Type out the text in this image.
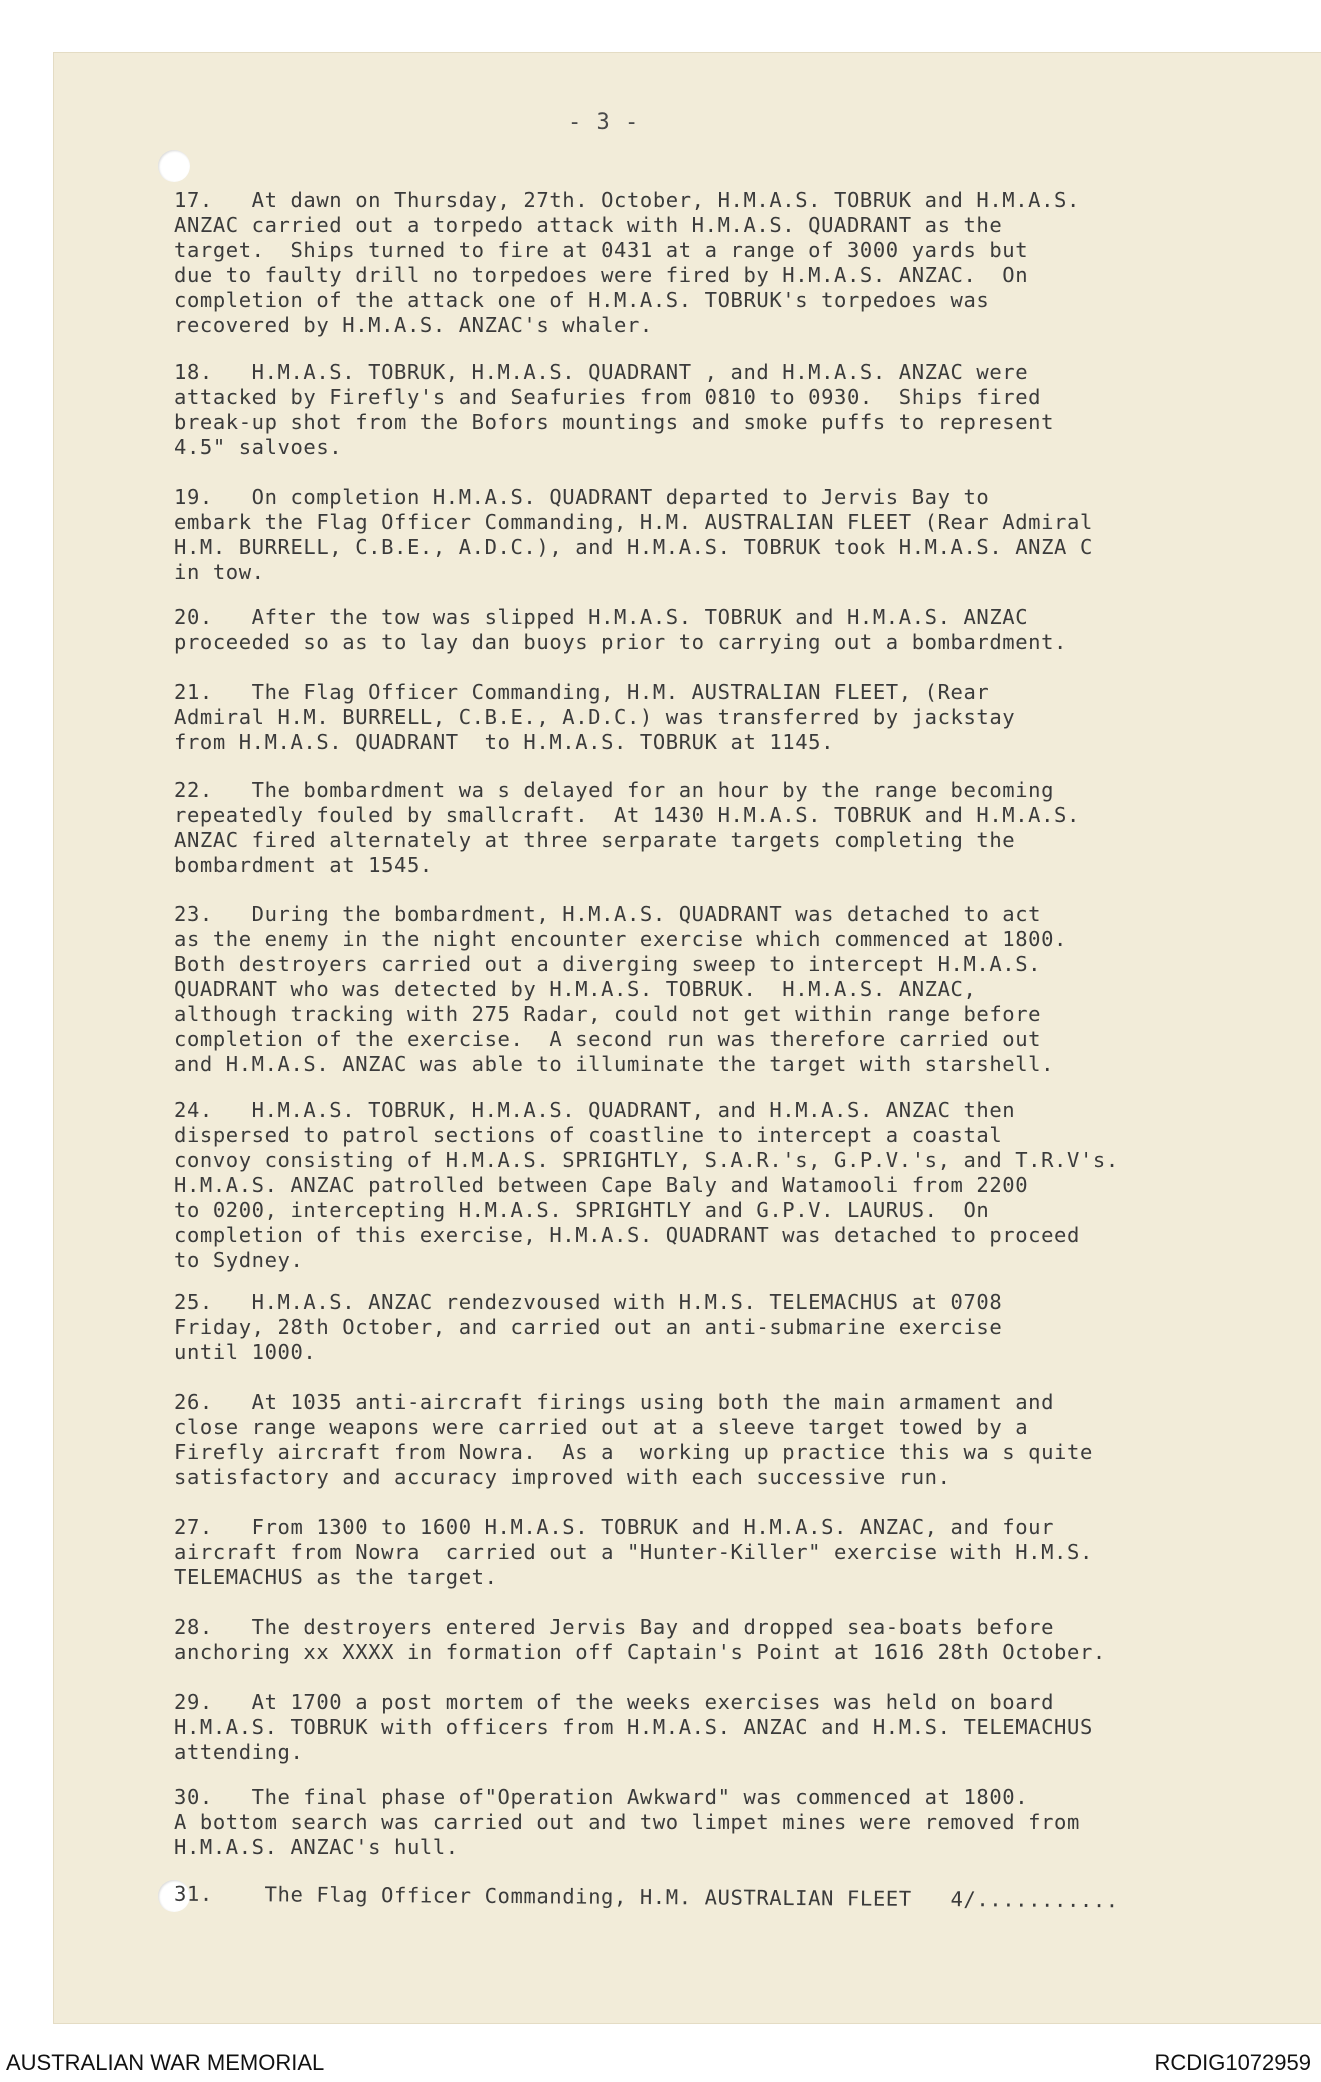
- 3 -
17.   At dawn on Thursday, 27th. October, H.M.A.S. TOBRUK and H.M.A.S.
ANZAC carried out a torpedo attack with H.M.A.S. QUADRANT as the
target.  Ships turned to fire at 0431 at a range of 3000 yards but
due to faulty drill no torpedoes were fired by H.M.A.S. ANZAC.  On
completion of the attack one of H.M.A.S. TOBRUK's torpedoes was
recovered by H.M.A.S. ANZAC's whaler.
18.   H.M.A.S. TOBRUK, H.M.A.S. QUADRANT , and H.M.A.S. ANZAC were
attacked by Firefly's and Seafuries from 0810 to 0930.  Ships fired
break-up shot from the Bofors mountings and smoke puffs to represent
4.5" salvoes.
19.   On completion H.M.A.S. QUADRANT departed to Jervis Bay to
embark the Flag Officer Commanding, H.M. AUSTRALIAN FLEET (Rear Admiral
H.M. BURRELL, C.B.E., A.D.C.), and H.M.A.S. TOBRUK took H.M.A.S. ANZA C
in tow.
20.   After the tow was slipped H.M.A.S. TOBRUK and H.M.A.S. ANZAC
proceeded so as to lay dan buoys prior to carrying out a bombardment.
21.   The Flag Officer Commanding, H.M. AUSTRALIAN FLEET, (Rear
Admiral H.M. BURRELL, C.B.E., A.D.C.) was transferred by jackstay
from H.M.A.S. QUADRANT  to H.M.A.S. TOBRUK at 1145.
22.   The bombardment wa s delayed for an hour by the range becoming
repeatedly fouled by smallcraft.  At 1430 H.M.A.S. TOBRUK and H.M.A.S.
ANZAC fired alternately at three serparate targets completing the
bombardment at 1545.
23.   During the bombardment, H.M.A.S. QUADRANT was detached to act
as the enemy in the night encounter exercise which commenced at 1800.
Both destroyers carried out a diverging sweep to intercept H.M.A.S.
QUADRANT who was detected by H.M.A.S. TOBRUK.  H.M.A.S. ANZAC,
although tracking with 275 Radar, could not get within range before
completion of the exercise.  A second run was therefore carried out
and H.M.A.S. ANZAC was able to illuminate the target with starshell.
24.   H.M.A.S. TOBRUK, H.M.A.S. QUADRANT, and H.M.A.S. ANZAC then
dispersed to patrol sections of coastline to intercept a coastal
convoy consisting of H.M.A.S. SPRIGHTLY, S.A.R.'s, G.P.V.'s, and T.R.V's.
H.M.A.S. ANZAC patrolled between Cape Baly and Watamooli from 2200
to 0200, intercepting H.M.A.S. SPRIGHTLY and G.P.V. LAURUS.  On
completion of this exercise, H.M.A.S. QUADRANT was detached to proceed
to Sydney.
25.   H.M.A.S. ANZAC rendezvoused with H.M.S. TELEMACHUS at 0708
Friday, 28th October, and carried out an anti-submarine exercise
until 1000.
26.   At 1035 anti-aircraft firings using both the main armament and
close range weapons were carried out at a sleeve target towed by a
Firefly aircraft from Nowra.  As a  working up practice this wa s quite
satisfactory and accuracy improved with each successive run.
27.   From 1300 to 1600 H.M.A.S. TOBRUK and H.M.A.S. ANZAC, and four
aircraft from Nowra  carried out a "Hunter-Killer" exercise with H.M.S.
TELEMACHUS as the target.
28.   The destroyers entered Jervis Bay and dropped sea-boats before
anchoring xx XXXX in formation off Captain's Point at 1616 28th October.
29.   At 1700 a post mortem of the weeks exercises was held on board
H.M.A.S. TOBRUK with officers from H.M.A.S. ANZAC and H.M.S. TELEMACHUS
attending.
30.   The final phase of"Operation Awkward" was commenced at 1800.
A bottom search was carried out and two limpet mines were removed from
H.M.A.S. ANZAC's hull.
31.    The Flag Officer Commanding, H.M. AUSTRALIAN FLEET   4/...........
AUSTRALIAN WAR MEMORIAL	RCDIG1072959
